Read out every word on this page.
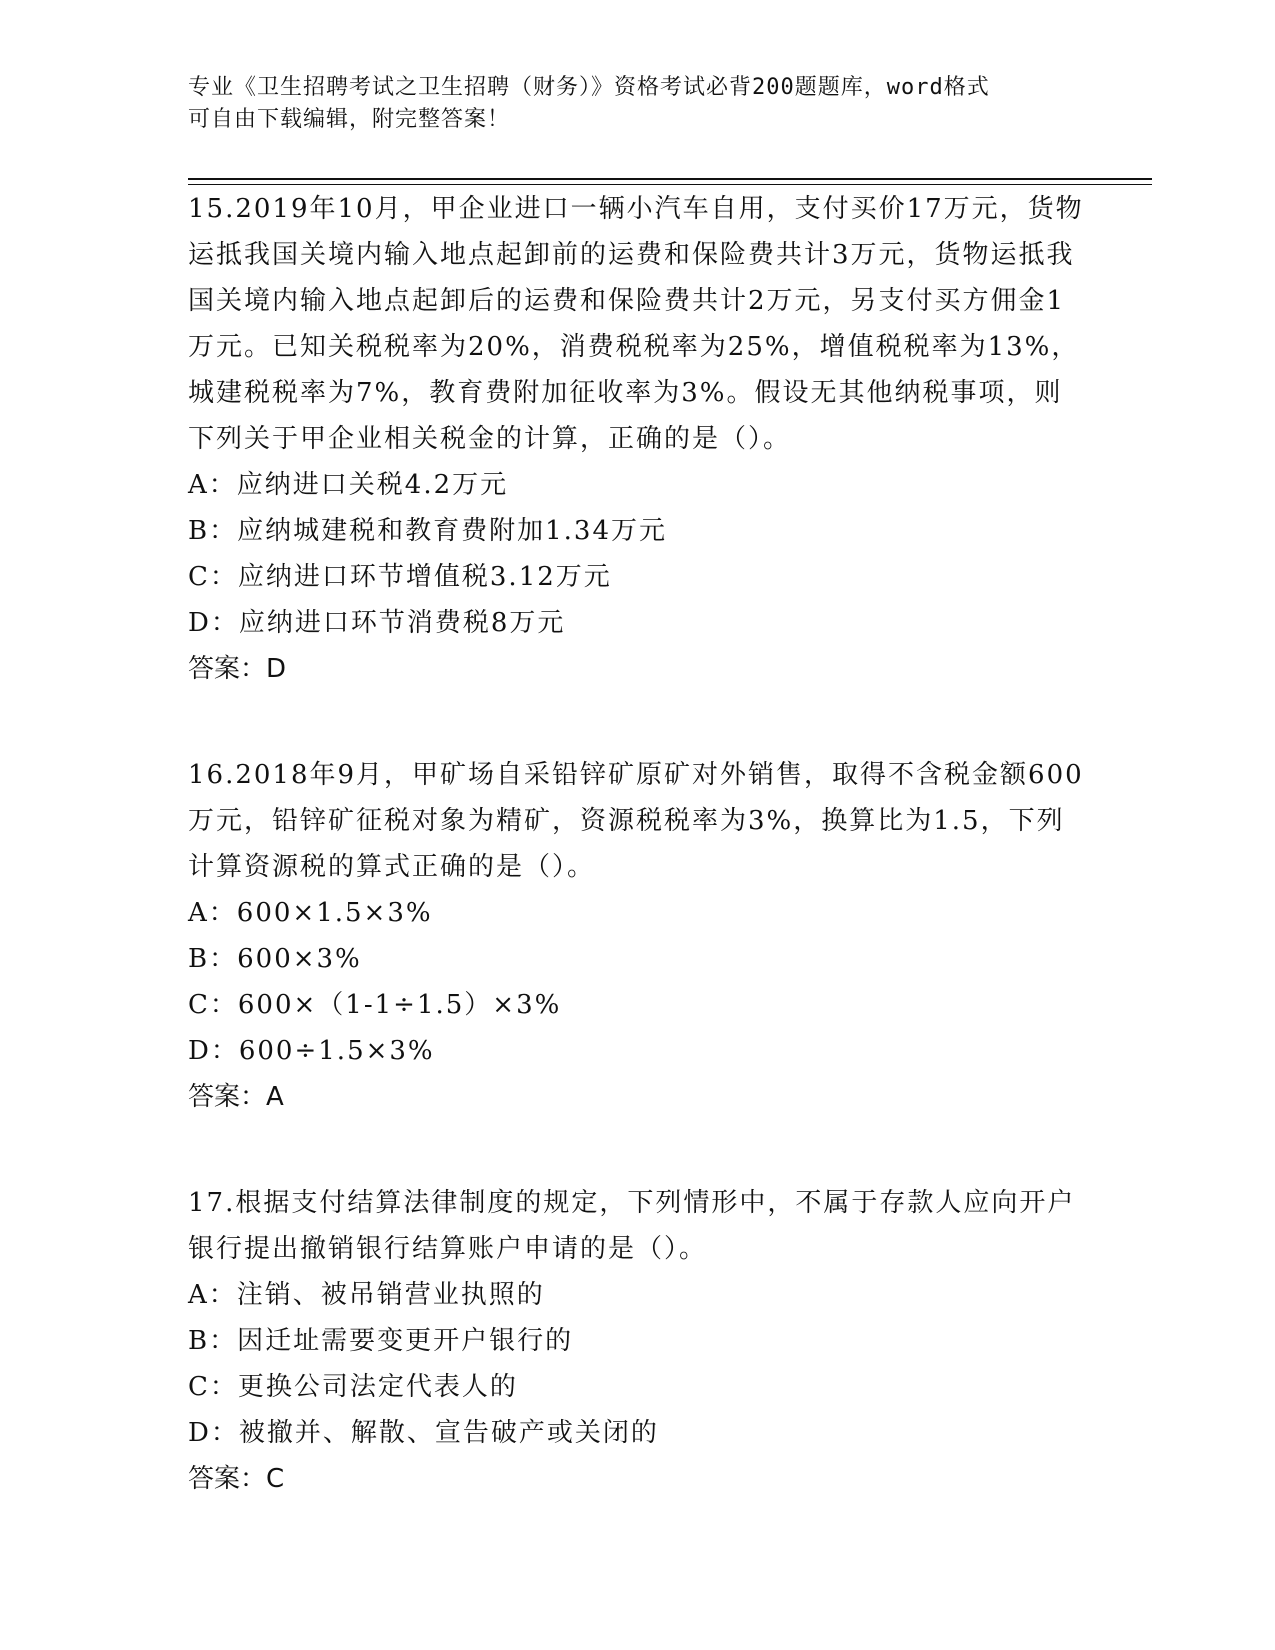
专业《卫生招聘考试之卫生招聘（财务）》资格考试必背200题题库，word格式
可自由下载编辑，附完整答案！

15.2019年10月，甲企业进口一辆小汽车自用，支付买价17万元，货物运抵我国关境内输入地点起卸前的运费和保险费共计3万元，货物运抵我国关境内输入地点起卸后的运费和保险费共计2万元，另支付买方佣金1万元。已知关税税率为20%，消费税税率为25%，增值税税率为13%，城建税税率为7%，教育费附加征收率为3%。假设无其他纳税事项，则下列关于甲企业相关税金的计算，正确的是（）。

A：应纳进口关税4.2万元

B：应纳城建税和教育费附加1.34万元

C：应纳进口环节增值税3.12万元

D：应纳进口环节消费税8万元

答案：D

16.2018年9月，甲矿场自采铅锌矿原矿对外销售，取得不含税金额600万元，铅锌矿征税对象为精矿，资源税税率为3%，换算比为1.5，下列计算资源税的算式正确的是（）。

A：600×1.5×3%

B：600×3%

C：600×（1-1÷1.5）×3%

D：600÷1.5×3%

答案：A

17.根据支付结算法律制度的规定，下列情形中，不属于存款人应向开户银行提出撤销银行结算账户申请的是（）。

A：注销、被吊销营业执照的

B：因迁址需要变更开户银行的

C：更换公司法定代表人的

D：被撤并、解散、宣告破产或关闭的

答案：C
